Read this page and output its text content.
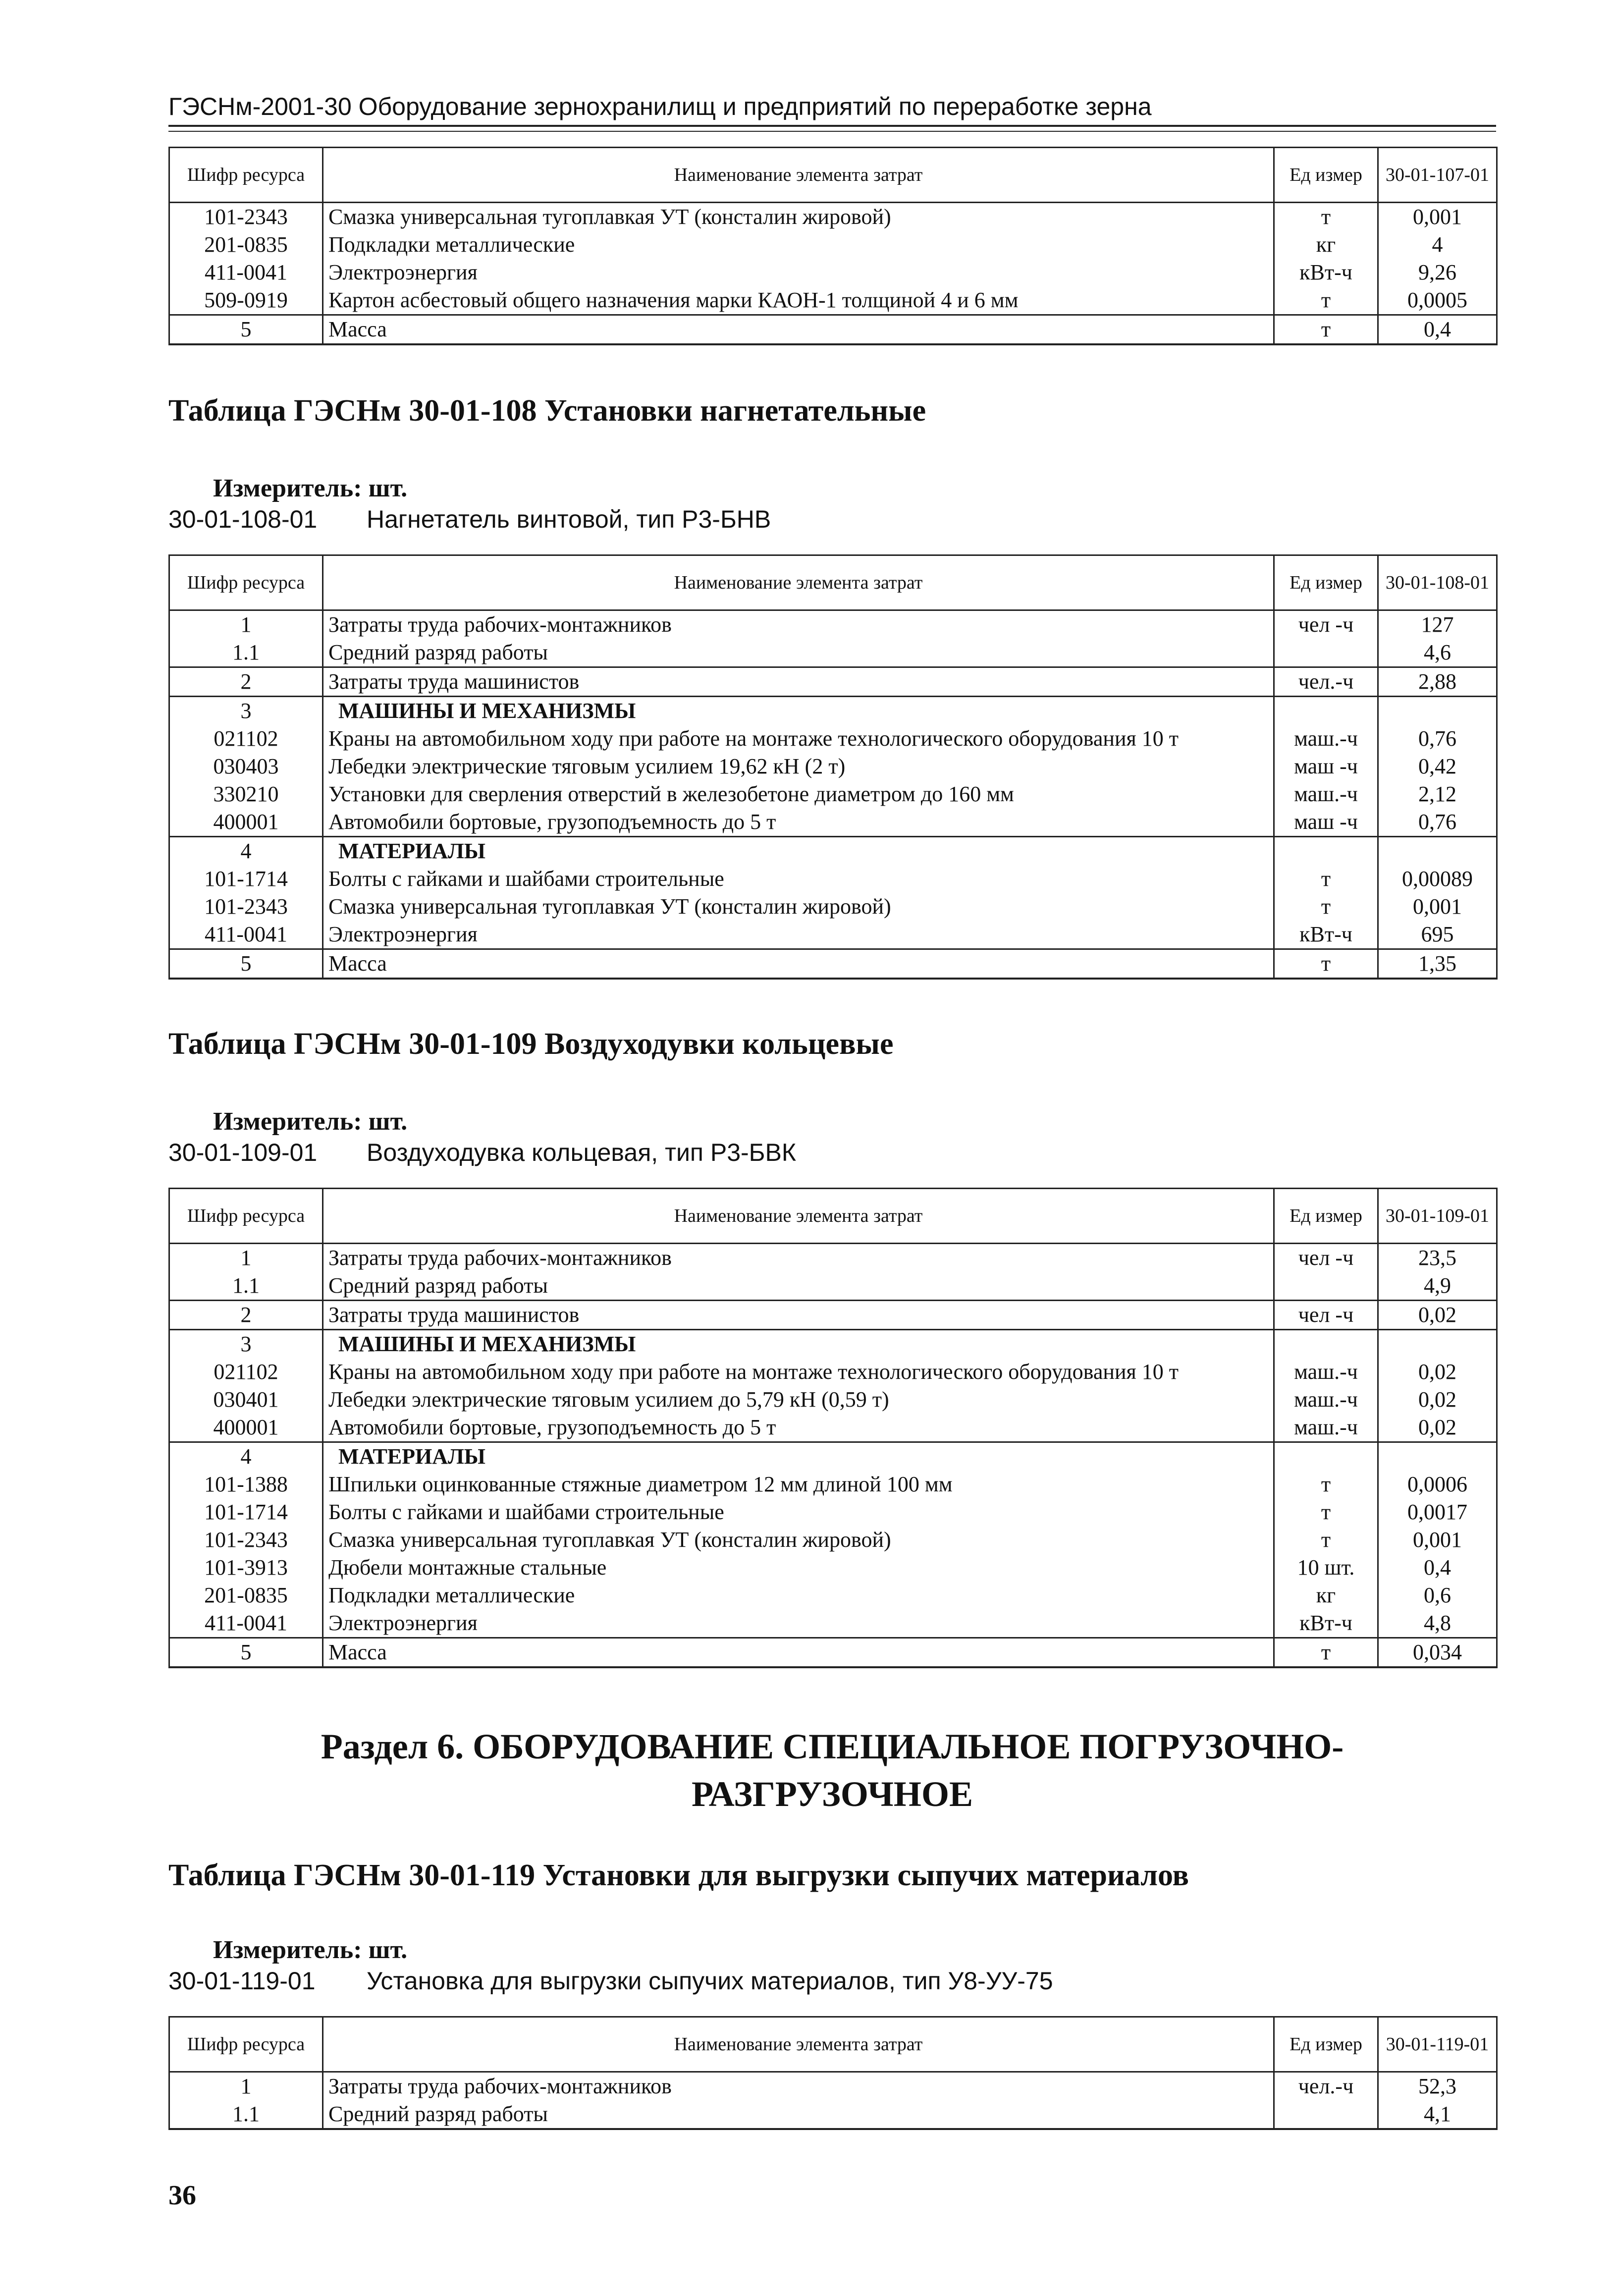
ГЭСНм-2001-30 Оборудование зернохранилищ и предприятий по переработке зерна
Шифр ресурса	Наименование элемента затрат	Ед измер	30-01-107-01
101-2343	Смазка универсальная тугоплавкая УТ (консталин жировой)	т	0,001
201-0835	Подкладки металлические	кг	4
411-0041	Электроэнергия	кВт-ч	9,26
509-0919	Картон асбестовый общего назначения марки КАОН-1 толщиной 4 и 6 мм	т	0,0005
5	Масса	т	0,4
Таблица ГЭСНм 30-01-108 Установки нагнетательные
Измеритель: шт.
30-01-108-01 Нагнетатель винтовой, тип Р3-БНВ
Шифр ресурса	Наименование элемента затрат	Ед измер	30-01-108-01
1	Затраты труда рабочих-монтажников	чел -ч	127
1.1	Средний разряд работы		4,6
2	Затраты труда машинистов	чел.-ч	2,88
3	МАШИНЫ И МЕХАНИЗМЫ		
021102	Краны на автомобильном ходу при работе на монтаже технологического оборудования 10 т	маш.-ч	0,76
030403	Лебедки электрические тяговым усилием 19,62 кН (2 т)	маш -ч	0,42
330210	Установки для сверления отверстий в железобетоне диаметром до 160 мм	маш.-ч	2,12
400001	Автомобили бортовые, грузоподъемность до 5 т	маш -ч	0,76
4	МАТЕРИАЛЫ		
101-1714	Болты с гайками и шайбами строительные	т	0,00089
101-2343	Смазка универсальная тугоплавкая УТ (консталин жировой)	т	0,001
411-0041	Электроэнергия	кВт-ч	695
5	Масса	т	1,35
Таблица ГЭСНм 30-01-109 Воздуходувки кольцевые
Измеритель: шт.
30-01-109-01 Воздуходувка кольцевая, тип Р3-БВК
Шифр ресурса	Наименование элемента затрат	Ед измер	30-01-109-01
1	Затраты труда рабочих-монтажников	чел -ч	23,5
1.1	Средний разряд работы		4,9
2	Затраты труда машинистов	чел -ч	0,02
3	МАШИНЫ И МЕХАНИЗМЫ		
021102	Краны на автомобильном ходу при работе на монтаже технологического оборудования 10 т	маш.-ч	0,02
030401	Лебедки электрические тяговым усилием до 5,79 кН (0,59 т)	маш.-ч	0,02
400001	Автомобили бортовые, грузоподъемность до 5 т	маш.-ч	0,02
4	МАТЕРИАЛЫ		
101-1388	Шпильки оцинкованные стяжные диаметром 12 мм длиной 100 мм	т	0,0006
101-1714	Болты с гайками и шайбами строительные	т	0,0017
101-2343	Смазка универсальная тугоплавкая УТ (консталин жировой)	т	0,001
101-3913	Дюбели монтажные стальные	10 шт.	0,4
201-0835	Подкладки металлические	кг	0,6
411-0041	Электроэнергия	кВт-ч	4,8
5	Масса	т	0,034
Раздел 6. ОБОРУДОВАНИЕ СПЕЦИАЛЬНОЕ ПОГРУЗОЧНО-
РАЗГРУЗОЧНОЕ
Таблица ГЭСНм 30-01-119 Установки для выгрузки сыпучих материалов
Измеритель: шт.
30-01-119-01 Установка для выгрузки сыпучих материалов, тип У8-УУ-75
Шифр ресурса	Наименование элемента затрат	Ед измер	30-01-119-01
1	Затраты труда рабочих-монтажников	чел.-ч	52,3
1.1	Средний разряд работы		4,1
36
